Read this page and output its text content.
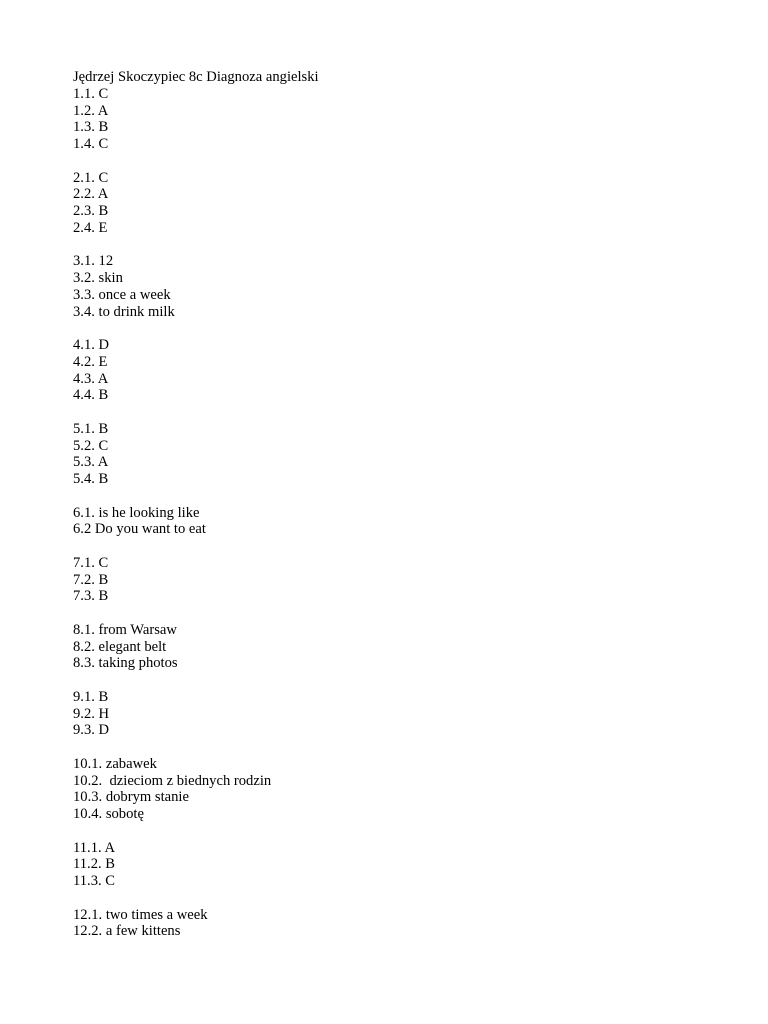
Jędrzej Skoczypiec 8c Diagnoza angielski
1.1. C
1.2. A
1.3. B
1.4. C
2.1. C
2.2. A
2.3. B
2.4. E
3.1. 12
3.2. skin
3.3. once a week
3.4. to drink milk
4.1. D
4.2. E
4.3. A
4.4. B
5.1. B
5.2. C
5.3. A
5.4. B
6.1. is he looking like
6.2 Do you want to eat
7.1. C
7.2. B
7.3. B
8.1. from Warsaw
8.2. elegant belt
8.3. taking photos
9.1. B
9.2. H
9.3. D
10.1. zabawek
10.2.  dzieciom z biednych rodzin
10.3. dobrym stanie
10.4. sobotę
11.1. A
11.2. B
11.3. C
12.1. two times a week
12.2. a few kittens
